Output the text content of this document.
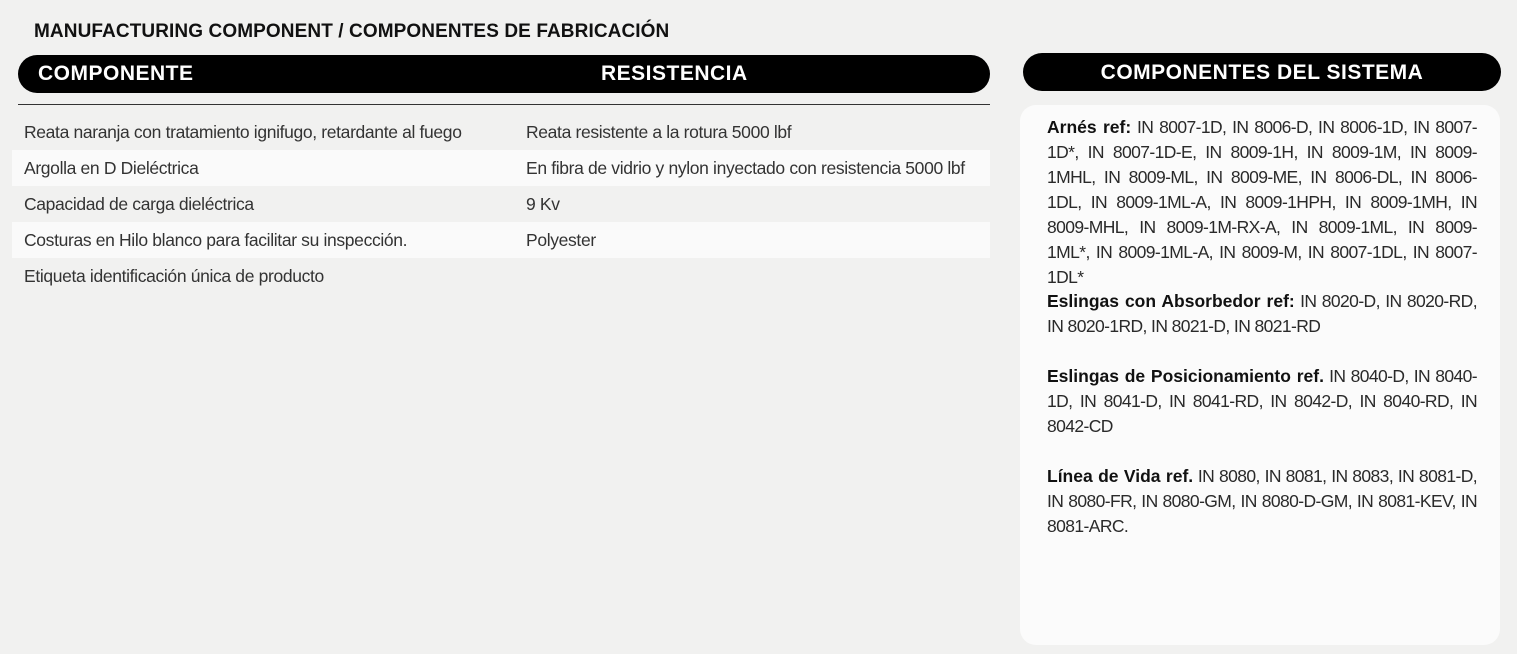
MANUFACTURING COMPONENT / COMPONENTES DE FABRICACIÓN
COMPONENTE	RESISTENCIA
Reata naranja con tratamiento ignifugo, retardante al fuego	Reata resistente a la rotura 5000 lbf
Argolla en D Dieléctrica	En fibra de vidrio y nylon inyectado con resistencia 5000 lbf
Capacidad de carga dieléctrica	9 Kv
Costuras en Hilo blanco para facilitar su inspección.	Polyester
Etiqueta identificación única de producto
COMPONENTES DEL SISTEMA
Arnés ref: IN 8007-1D, IN 8006-D, IN 8006-1D, IN 8007-1D*, IN 8007-1D-E, IN 8009-1H, IN 8009-1M, IN 8009-1MHL, IN 8009-ML, IN 8009-ME, IN 8006-DL, IN 8006-1DL, IN 8009-1ML-A, IN 8009-1HPH, IN 8009-1MH, IN 8009-MHL, IN 8009-1M-RX-A, IN 8009-1ML, IN 8009-1ML*, IN 8009-1ML-A, IN 8009-M, IN 8007-1DL, IN 8007-1DL*
Eslingas con Absorbedor ref: IN 8020-D, IN 8020-RD, IN 8020-1RD, IN 8021-D, IN 8021-RD
Eslingas de Posicionamiento ref. IN 8040-D, IN 8040-1D, IN 8041-D, IN 8041-RD, IN 8042-D, IN 8040-RD, IN 8042-CD
Línea de Vida ref. IN 8080, IN 8081, IN 8083, IN 8081-D, IN 8080-FR, IN 8080-GM, IN 8080-D-GM, IN 8081-KEV, IN 8081-ARC.
